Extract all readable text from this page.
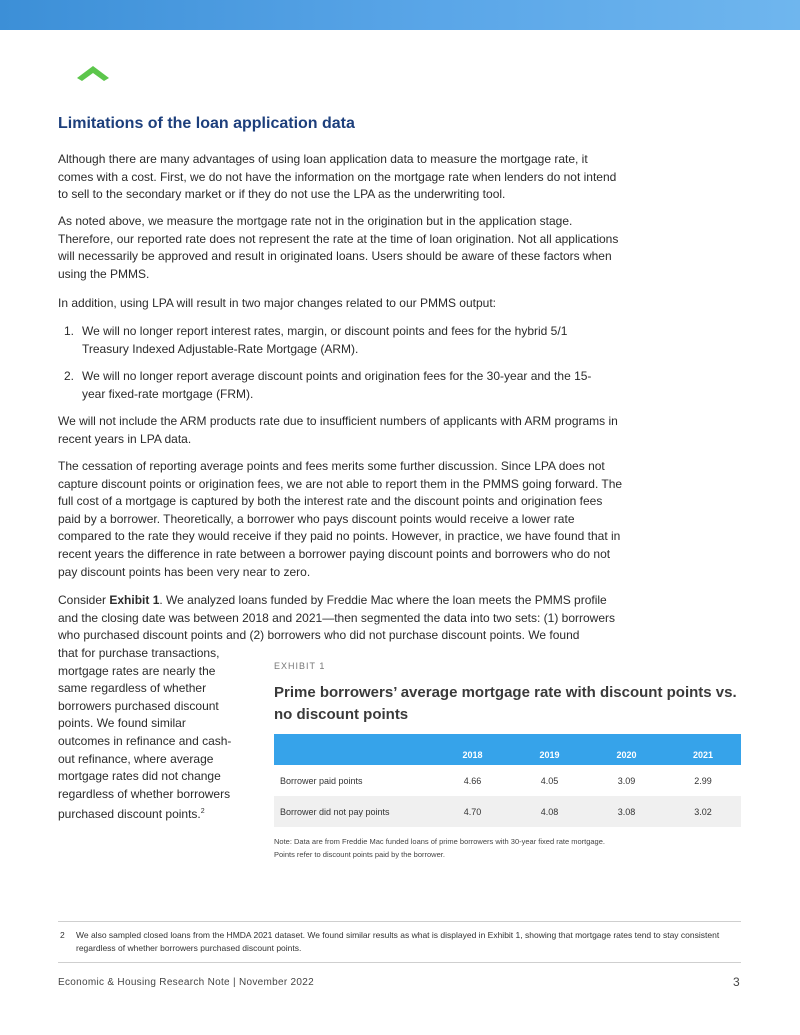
Limitations of the loan application data

Although there are many advantages of using loan application data to measure the mortgage rate, it comes with a cost. First, we do not have the information on the mortgage rate when lenders do not intend to sell to the secondary market or if they do not use the LPA as the underwriting tool.

As noted above, we measure the mortgage rate not in the origination but in the application stage. Therefore, our reported rate does not represent the rate at the time of loan origination. Not all applications will necessarily be approved and result in originated loans. Users should be aware of these factors when using the PMMS.

In addition, using LPA will result in two major changes related to our PMMS output:

1. We will no longer report interest rates, margin, or discount points and fees for the hybrid 5/1 Treasury Indexed Adjustable-Rate Mortgage (ARM).
2. We will no longer report average discount points and origination fees for the 30-year and the 15-year fixed-rate mortgage (FRM).

We will not include the ARM products rate due to insufficient numbers of applicants with ARM programs in recent years in LPA data.

The cessation of reporting average points and fees merits some further discussion. Since LPA does not capture discount points or origination fees, we are not able to report them in the PMMS going forward. The full cost of a mortgage is captured by both the interest rate and the discount points and origination fees paid by a borrower. Theoretically, a borrower who pays discount points would receive a lower rate compared to the rate they would receive if they paid no points. However, in practice, we have found that in recent years the difference in rate between a borrower paying discount points and borrowers who do not pay discount points has been very near to zero.

Consider Exhibit 1. We analyzed loans funded by Freddie Mac where the loan meets the PMMS profile and the closing date was between 2018 and 2021—then segmented the data into two sets: (1) borrowers who purchased discount points and (2) borrowers who did not purchase discount points. We found

that for purchase transactions, mortgage rates are nearly the same regardless of whether borrowers purchased discount points. We found similar outcomes in refinance and cash-out refinance, where average mortgage rates did not change regardless of whether borrowers purchased discount points.$^2$

EXHIBIT 1
Prime borrowers’ average mortgage rate with discount points vs. no discount points
	2018	2019	2020	2021
Borrower paid points	4.66	4.05	3.09	2.99
Borrower did not pay points	4.70	4.08	3.08	3.02
Note: Data are from Freddie Mac funded loans of prime borrowers with 30-year fixed rate mortgage.
Points refer to discount points paid by the borrower.
2 We also sampled closed loans from the HMDA 2021 dataset. We found similar results as what is displayed in Exhibit 1, showing that mortgage rates tend to stay consistent regardless of whether borrowers purchased discount points.
Economic & Housing Research Note | November 2022	3
